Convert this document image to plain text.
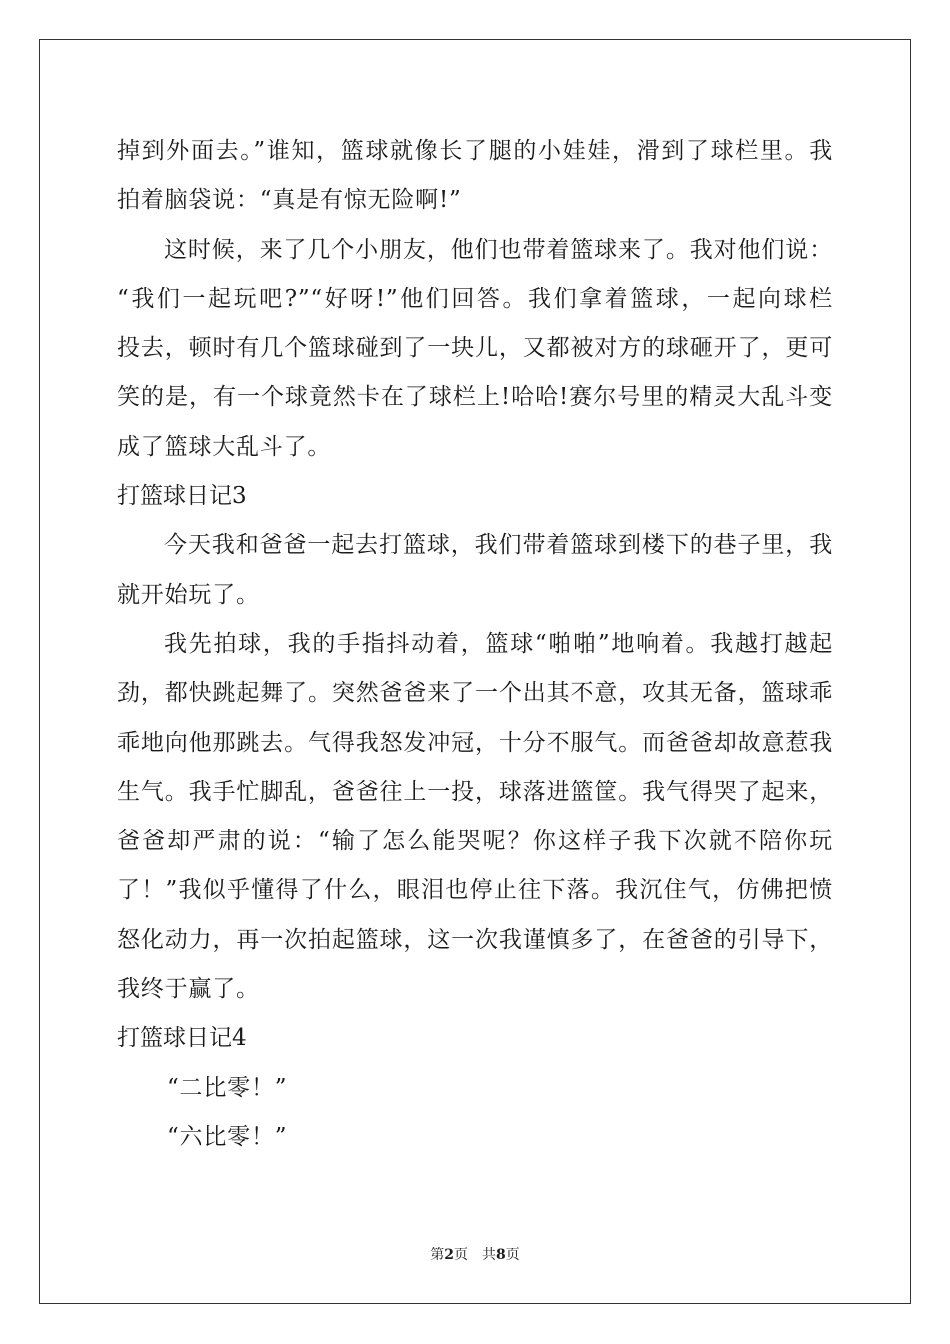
掉到外面去。”谁知，篮球就像长了腿的小娃娃，滑到了球栏里。我
拍着脑袋说：“真是有惊无险啊!”
这时候，来了几个小朋友，他们也带着篮球来了。我对他们说：
“我们一起玩吧?”“好呀!”他们回答。我们拿着篮球，一起向球栏
投去，顿时有几个篮球碰到了一块儿，又都被对方的球砸开了，更可
笑的是，有一个球竟然卡在了球栏上!哈哈!赛尔号里的精灵大乱斗变
成了篮球大乱斗了。
打篮球日记3
今天我和爸爸一起去打篮球，我们带着篮球到楼下的巷子里，我
就开始玩了。
我先拍球，我的手指抖动着，篮球“啪啪”地响着。我越打越起
劲，都快跳起舞了。突然爸爸来了一个出其不意，攻其无备，篮球乖
乖地向他那跳去。气得我怒发冲冠，十分不服气。而爸爸却故意惹我
生气。我手忙脚乱，爸爸往上一投，球落进篮筐。我气得哭了起来，
爸爸却严肃的说：“输了怎么能哭呢？你这样子我下次就不陪你玩
了！”我似乎懂得了什么，眼泪也停止往下落。我沉住气，仿佛把愤
怒化动力，再一次拍起篮球，这一次我谨慎多了，在爸爸的引导下，
我终于赢了。
打篮球日记4
“二比零！”
“六比零！”
第2页 共8页
